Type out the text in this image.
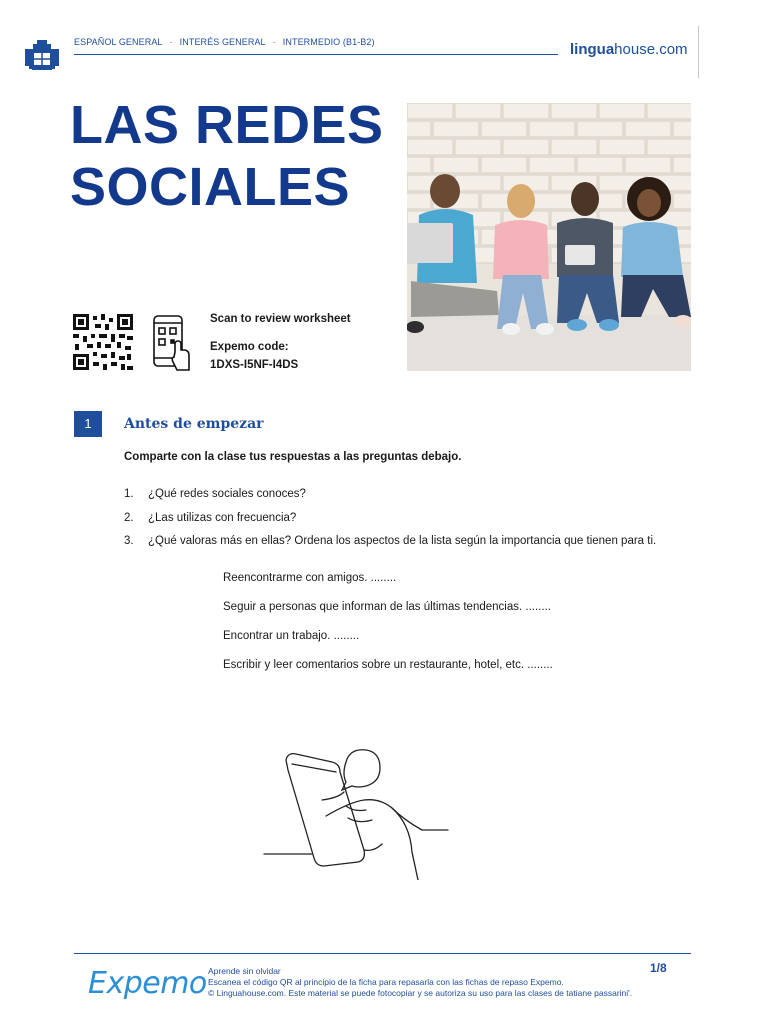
ESPAÑOL GENERAL · INTERÉS GENERAL · INTERMEDIO (B1-B2)	linguahouse.com
LAS REDES SOCIALES
Scan to review worksheet
Expemo code:
1DXS-I5NF-I4DS
1	Antes de empezar

Comparte con la clase tus respuestas a las preguntas debajo.

1. ¿Qué redes sociales conoces?
2. ¿Las utilizas con frecuencia?
3. ¿Qué valoras más en ellas? Ordena los aspectos de la lista según la importancia que tienen para ti.
Reencontrarme con amigos. ........
Seguir a personas que informan de las últimas tendencias. ........
Encontrar un trabajo. ........
Escribir y leer comentarios sobre un restaurante, hotel, etc. ........
Expemo Aprende sin olvidar
Escanea el código QR al principio de la ficha para repasarla con las fichas de repaso Expemo.
© Linguahouse.com. Este material se puede fotocopiar y se autoriza su uso para las clases de tatiane passarini'.
1/8
